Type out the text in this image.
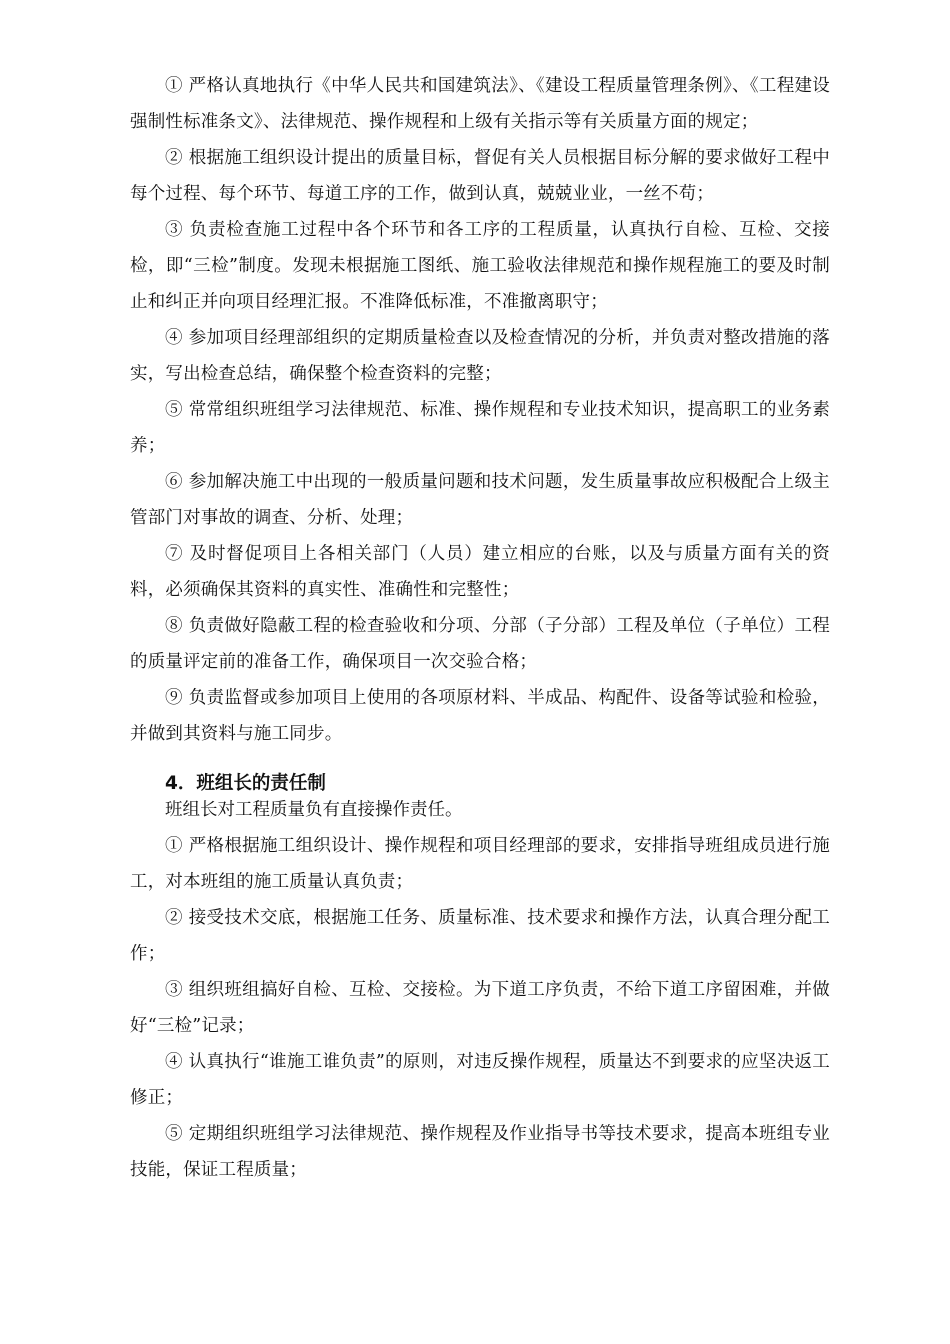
① 严格认真地执行《中华人民共和国建筑法》、《建设工程质量管理条例》、《工程建设强制性标准条文》、法律规范、操作规程和上级有关指示等有关质量方面的规定；

② 根据施工组织设计提出的质量目标，督促有关人员根据目标分解的要求做好工程中每个过程、每个环节、每道工序的工作，做到认真，兢兢业业，一丝不苟；

③ 负责检查施工过程中各个环节和各工序的工程质量，认真执行自检、互检、交接检，即“三检”制度。发现未根据施工图纸、施工验收法律规范和操作规程施工的要及时制止和纠正并向项目经理汇报。不准降低标准，不准撤离职守；

④ 参加项目经理部组织的定期质量检查以及检查情况的分析，并负责对整改措施的落实，写出检查总结，确保整个检查资料的完整；

⑤ 常常组织班组学习法律规范、标准、操作规程和专业技术知识，提高职工的业务素养；

⑥ 参加解决施工中出现的一般质量问题和技术问题，发生质量事故应积极配合上级主管部门对事故的调查、分析、处理；

⑦ 及时督促项目上各相关部门（人员）建立相应的台账，以及与质量方面有关的资料，必须确保其资料的真实性、准确性和完整性；

⑧ 负责做好隐蔽工程的检查验收和分项、分部（子分部）工程及单位（子单位）工程的质量评定前的准备工作，确保项目一次交验合格；

⑨ 负责监督或参加项目上使用的各项原材料、半成品、构配件、设备等试验和检验，并做到其资料与施工同步。

4．班组长的责任制

班组长对工程质量负有直接操作责任。

① 严格根据施工组织设计、操作规程和项目经理部的要求，安排指导班组成员进行施工，对本班组的施工质量认真负责；

② 接受技术交底，根据施工任务、质量标准、技术要求和操作方法，认真合理分配工作；

③ 组织班组搞好自检、互检、交接检。为下道工序负责，不给下道工序留困难，并做好“三检”记录；

④ 认真执行“谁施工谁负责”的原则，对违反操作规程，质量达不到要求的应坚决返工修正；

⑤ 定期组织班组学习法律规范、操作规程及作业指导书等技术要求，提高本班组专业技能，保证工程质量；
